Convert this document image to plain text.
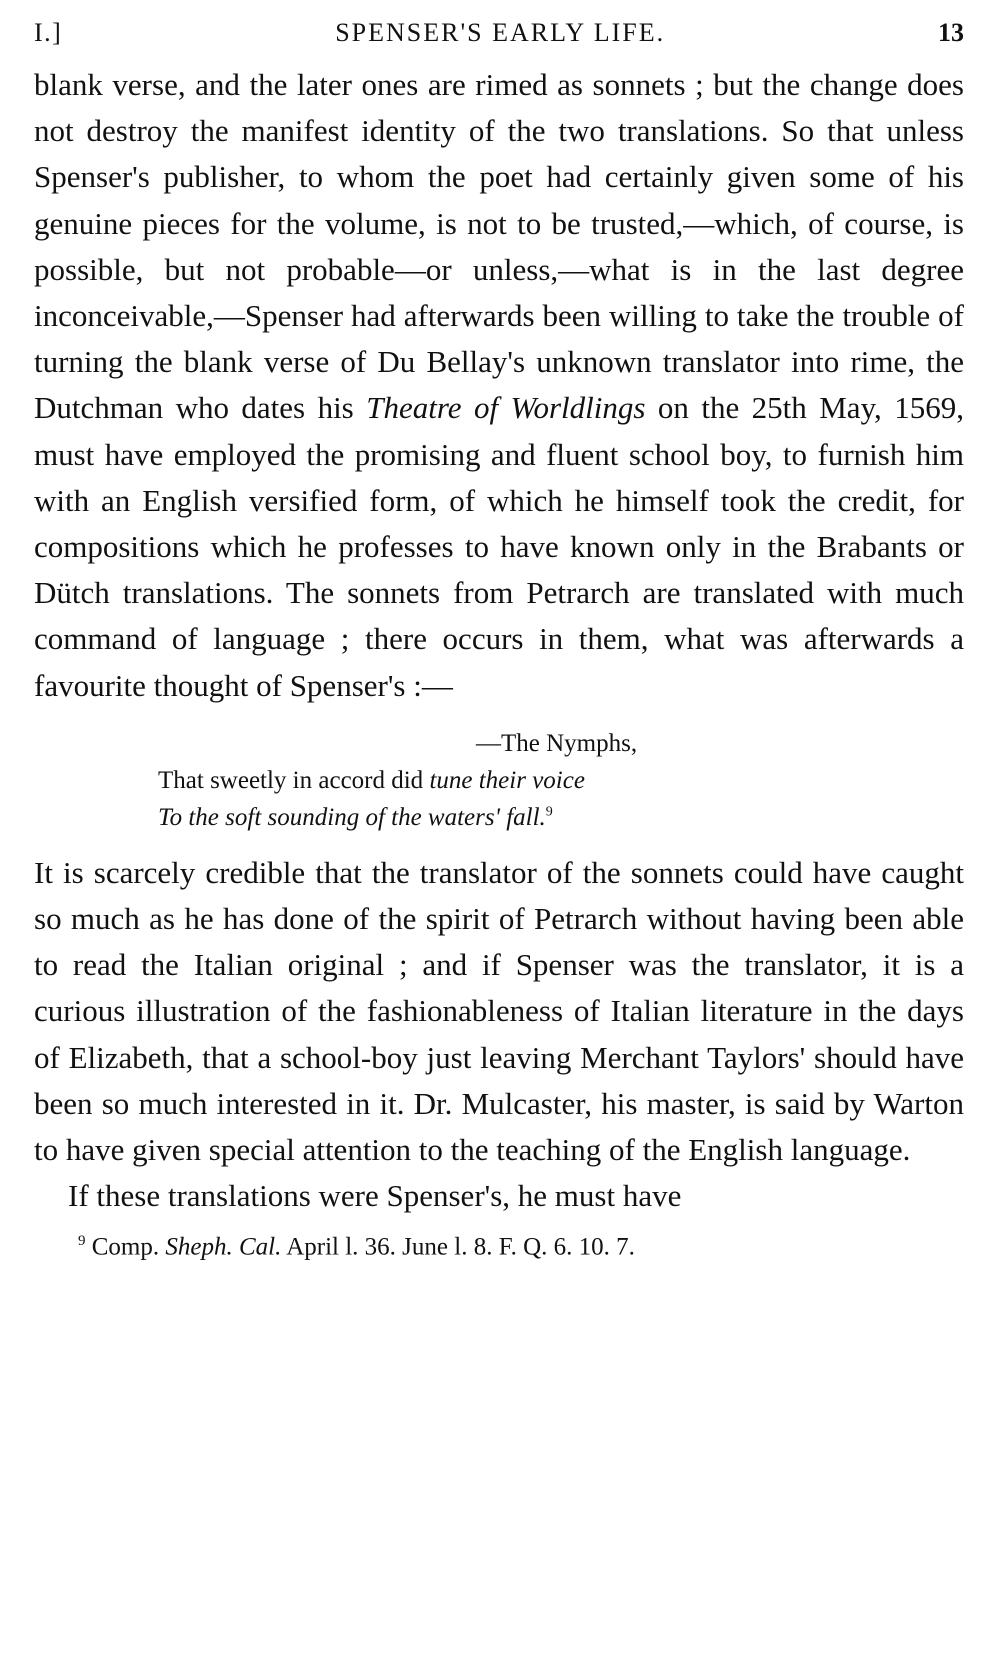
I.]	SPENSER'S EARLY LIFE.	13

blank verse, and the later ones are rimed as sonnets ; but the change does not destroy the manifest identity of the two translations. So that unless Spenser's publisher, to whom the poet had certainly given some of his genuine pieces for the volume, is not to be trusted,—which, of course, is possible, but not probable—or unless,—what is in the last degree inconceivable,—Spenser had afterwards been willing to take the trouble of turning the blank verse of Du Bellay's unknown translator into rime, the Dutchman who dates his Theatre of Worldlings on the 25th May, 1569, must have employed the promising and fluent school boy, to furnish him with an English versified form, of which he himself took the credit, for compositions which he professes to have known only in the Brabants or Dütch translations. The sonnets from Petrarch are translated with much command of language ; there occurs in them, what was afterwards a favourite thought of Spenser's :—

—The Nymphs,
That sweetly in accord did tune their voice
To the soft sounding of the waters' fall.$^9$

It is scarcely credible that the translator of the sonnets could have caught so much as he has done of the spirit of Petrarch without having been able to read the Italian original ; and if Spenser was the translator, it is a curious illustration of the fashionableness of Italian literature in the days of Elizabeth, that a school-boy just leaving Merchant Taylors' should have been so much interested in it. Dr. Mulcaster, his master, is said by Warton to have given special attention to the teaching of the English language.

If these translations were Spenser's, he must have

$^9$ Comp. Sheph. Cal. April l. 36. June l. 8. F. Q. 6. 10. 7.
